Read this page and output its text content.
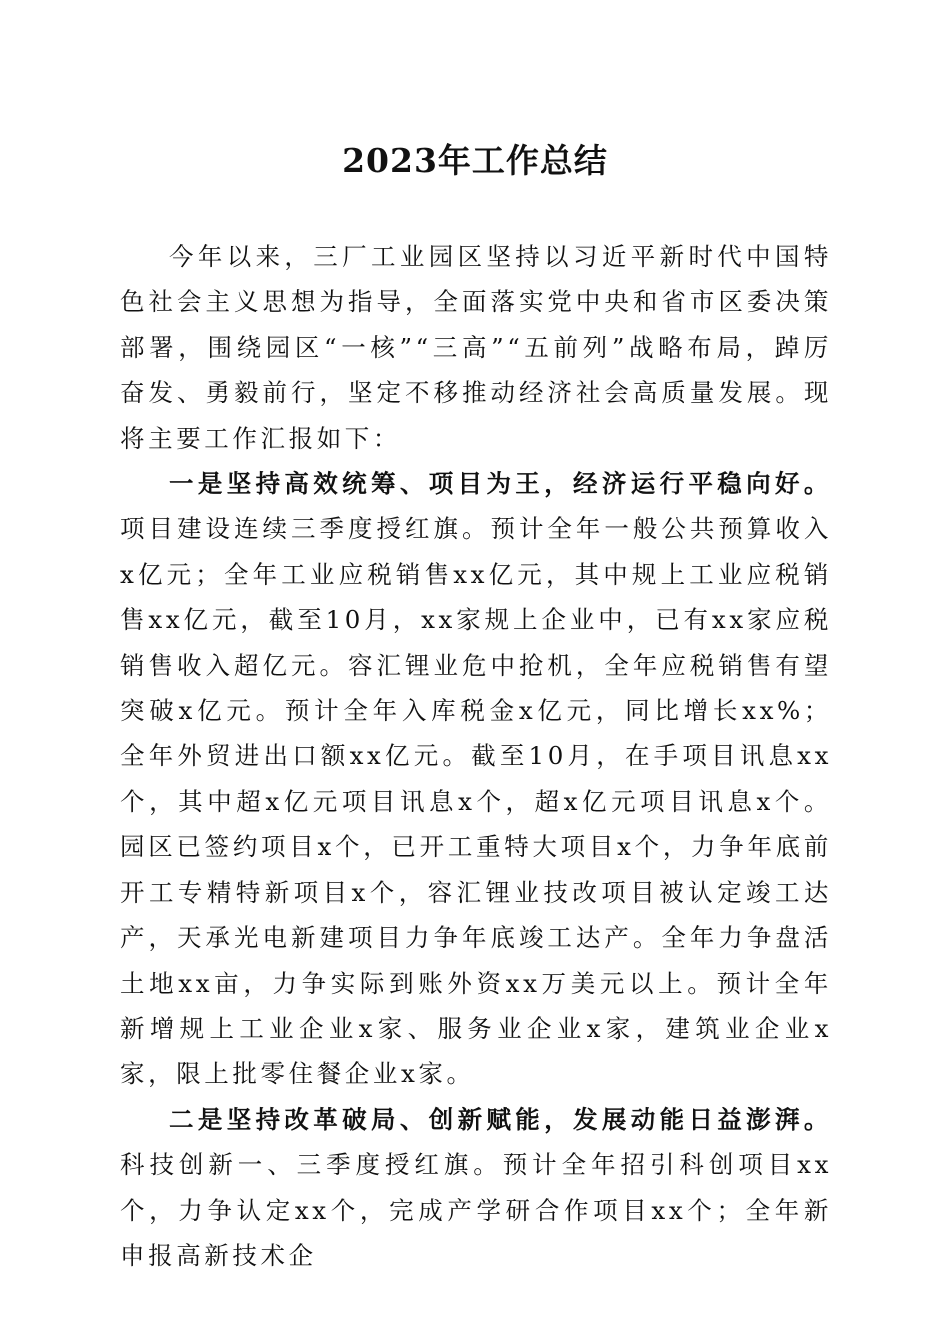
2023年工作总结

今年以来，三厂工业园区坚持以习近平新时代中国特色社会主义思想为指导，全面落实党中央和省市区委决策部署，围绕园区“一核”“三高”“五前列”战略布局，踔厉奋发、勇毅前行，坚定不移推动经济社会高质量发展。现将主要工作汇报如下：

一是坚持高效统筹、项目为王，经济运行平稳向好。项目建设连续三季度授红旗。预计全年一般公共预算收入x亿元；全年工业应税销售xx亿元，其中规上工业应税销售xx亿元，截至10月，xx家规上企业中，已有xx家应税销售收入超亿元。容汇锂业危中抢机，全年应税销售有望突破x亿元。预计全年入库税金x亿元，同比增长xx%；全年外贸进出口额xx亿元。截至10月，在手项目讯息xx个，其中超x亿元项目讯息x个，超x亿元项目讯息x个。园区已签约项目x个，已开工重特大项目x个，力争年底前开工专精特新项目x个，容汇锂业技改项目被认定竣工达产，天承光电新建项目力争年底竣工达产。全年力争盘活土地xx亩，力争实际到账外资xx万美元以上。预计全年新增规上工业企业x家、服务业企业x家，建筑业企业x家，限上批零住餐企业x家。

二是坚持改革破局、创新赋能，发展动能日益澎湃。科技创新一、三季度授红旗。预计全年招引科创项目xx个，力争认定xx个，完成产学研合作项目xx个；全年新申报高新技术企
